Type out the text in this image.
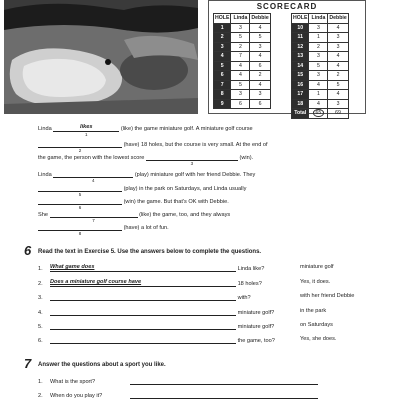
SCORECARD
HOLE	Linda	Debbie
1	3	4
2	5	5
3	2	3
4	7	4
5	4	6
6	4	2
7	5	4
8	3	3
9	6	6
HOLE	Linda	Debbie
10	3	4
11	1	3
12	2	3
13	3	4
14	5	4
15	3	2
16	4	5
17	1	4
18	4	3
Total	65	69
Linda	likes
1
(like) the game miniature golf. A miniature golf course
2
(have) 18 holes, but the course is very small. At the end of
the game, the person with the lowest score
3
(win).
Linda
4
(play) miniature golf with her friend Debbie. They
5
(play) in the park on Saturdays, and Linda usually
6
(win) the game. But that's OK with Debbie.
She
7
(like) the game, too, and they always
8
(have) a lot of fun.
6 Read the text in Exercise 5. Use the answers below to complete the questions.
1. What game does	Linda like?	miniature golf
2. Does a miniature golf course have	18 holes?	Yes, it does.
3.	with?	with her friend Debbie
4.	miniature golf?	in the park
5.	miniature golf?	on Saturdays
6.	the game, too?	Yes, she does.
7 Answer the questions about a sport you like.
1. What is the sport?
2. When do you play it?
